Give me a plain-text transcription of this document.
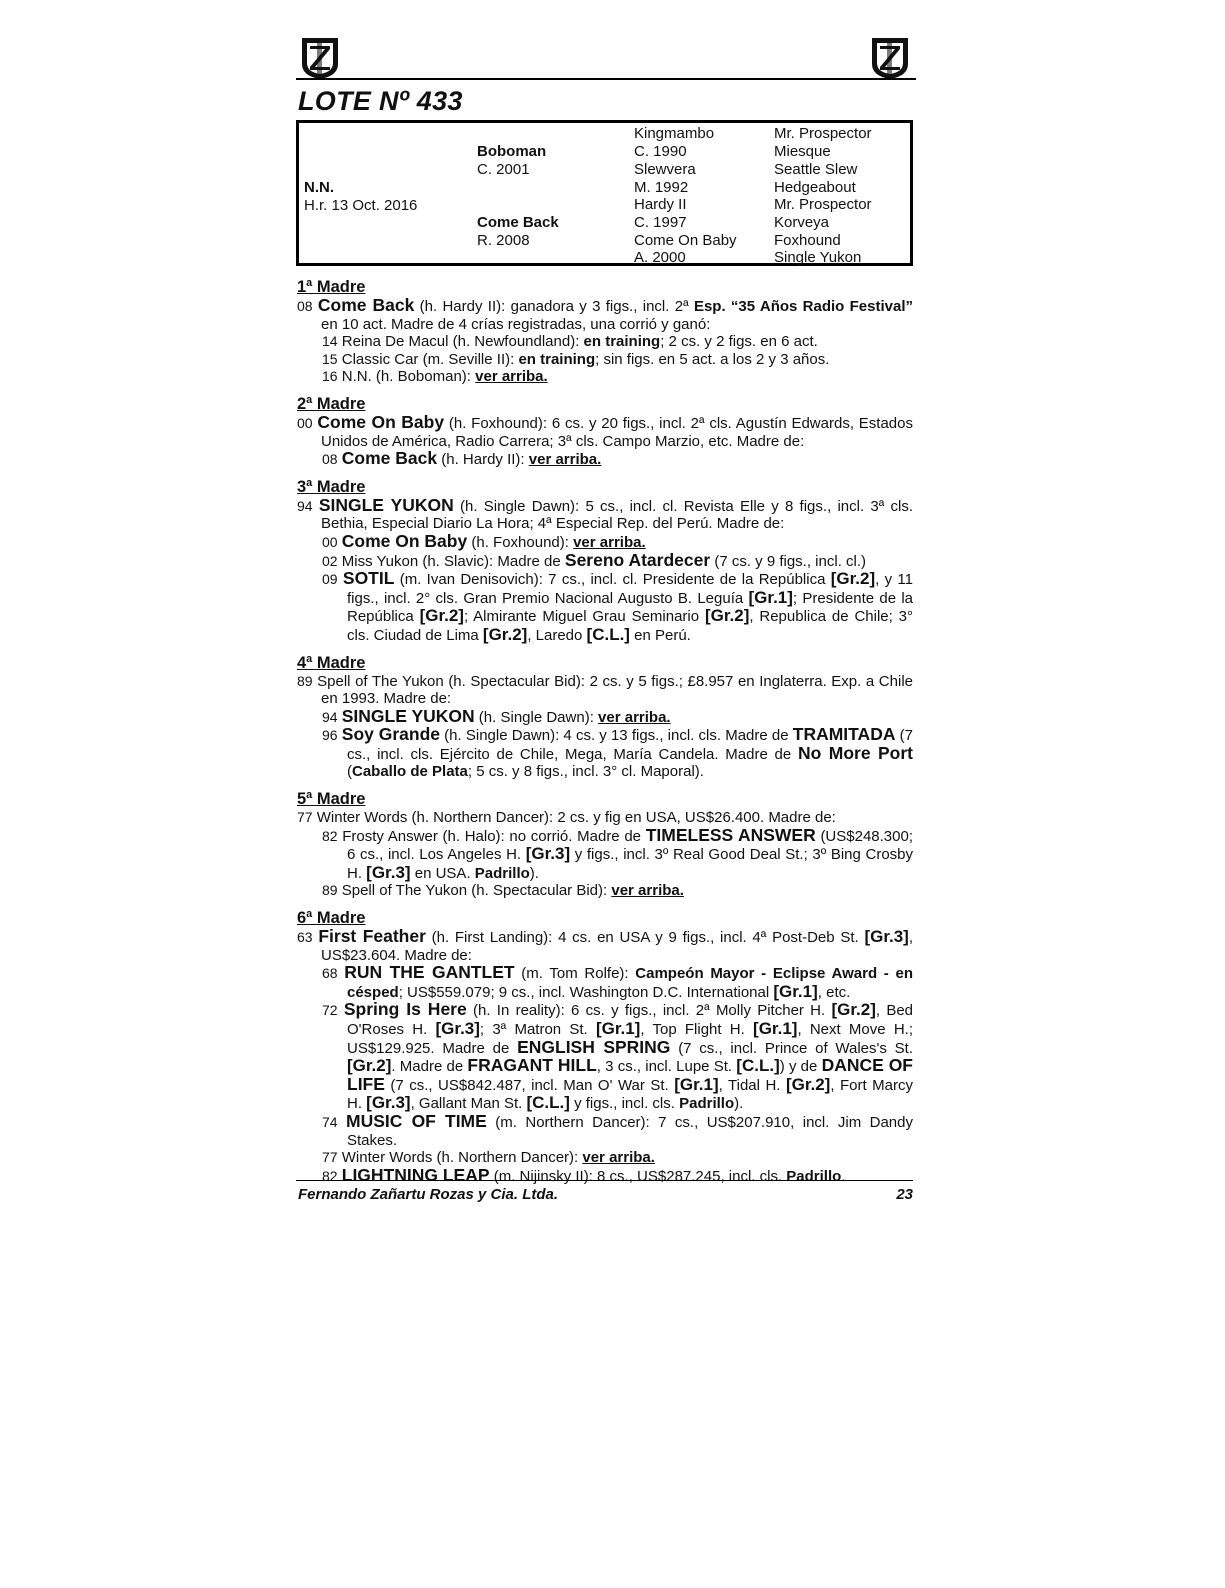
LOTE Nº 433
N.N.
H.r. 13 Oct. 2016
Boboman
C. 2001
Come Back
R. 2008
Kingmambo
C. 1990
Slewvera
M. 1992
Hardy II
C. 1997
Come On Baby
A. 2000
Mr. Prospector
Miesque
Seattle Slew
Hedgeabout
Mr. Prospector
Korveya
Foxhound
Single Yukon
1ª Madre
08 Come Back (h. Hardy II): ganadora y 3 figs., incl. 2ª Esp. “35 Años Radio Festival” en 10 act. Madre de 4 crías registradas, una corrió y ganó:
14 Reina De Macul (h. Newfoundland): en training; 2 cs. y 2 figs. en 6 act.
15 Classic Car (m. Seville II): en training; sin figs. en 5 act. a los 2 y 3 años.
16 N.N. (h. Boboman): ver arriba.
2ª Madre
00 Come On Baby (h. Foxhound): 6 cs. y 20 figs., incl. 2ª cls. Agustín Edwards, Estados Unidos de América, Radio Carrera; 3ª cls. Campo Marzio, etc. Madre de:
08 Come Back (h. Hardy II): ver arriba.
3ª Madre
94 SINGLE YUKON (h. Single Dawn): 5 cs., incl. cl. Revista Elle y 8 figs., incl. 3ª cls. Bethia, Especial Diario La Hora; 4ª Especial Rep. del Perú. Madre de:
00 Come On Baby (h. Foxhound): ver arriba.
02 Miss Yukon (h. Slavic): Madre de Sereno Atardecer (7 cs. y 9 figs., incl. cl.)
09 SOTIL (m. Ivan Denisovich): 7 cs., incl. cl. Presidente de la República [Gr.2], y 11 figs., incl. 2° cls. Gran Premio Nacional Augusto B. Leguía [Gr.1]; Presidente de la República [Gr.2]; Almirante Miguel Grau Seminario [Gr.2], Republica de Chile; 3° cls. Ciudad de Lima [Gr.2], Laredo [C.L.] en Perú.
4ª Madre
89 Spell of The Yukon (h. Spectacular Bid): 2 cs. y 5 figs.; £8.957 en Inglaterra. Exp. a Chile en 1993. Madre de:
94 SINGLE YUKON (h. Single Dawn): ver arriba.
96 Soy Grande (h. Single Dawn): 4 cs. y 13 figs., incl. cls. Madre de TRAMITADA (7 cs., incl. cls. Ejército de Chile, Mega, María Candela. Madre de No More Port (Caballo de Plata; 5 cs. y 8 figs., incl. 3° cl. Maporal).
5ª Madre
77 Winter Words (h. Northern Dancer): 2 cs. y fig en USA, US$26.400. Madre de:
82 Frosty Answer (h. Halo): no corrió. Madre de TIMELESS ANSWER (US$248.300; 6 cs., incl. Los Angeles H. [Gr.3] y figs., incl. 3º Real Good Deal St.; 3º Bing Crosby H. [Gr.3] en USA. Padrillo).
89 Spell of The Yukon (h. Spectacular Bid): ver arriba.
6ª Madre
63 First Feather (h. First Landing): 4 cs. en USA y 9 figs., incl. 4ª Post-Deb St. [Gr.3], US$23.604. Madre de:
68 RUN THE GANTLET (m. Tom Rolfe): Campeón Mayor - Eclipse Award - en césped; US$559.079; 9 cs., incl. Washington D.C. International [Gr.1], etc.
72 Spring Is Here (h. In reality): 6 cs. y figs., incl. 2ª Molly Pitcher H. [Gr.2], Bed O'Roses H. [Gr.3]; 3ª Matron St. [Gr.1], Top Flight H. [Gr.1], Next Move H.; US$129.925. Madre de ENGLISH SPRING (7 cs., incl. Prince of Wales's St. [Gr.2]. Madre de FRAGANT HILL, 3 cs., incl. Lupe St. [C.L.]) y de DANCE OF LIFE (7 cs., US$842.487, incl. Man O' War St. [Gr.1], Tidal H. [Gr.2], Fort Marcy H. [Gr.3], Gallant Man St. [C.L.] y figs., incl. cls. Padrillo).
74 MUSIC OF TIME (m. Northern Dancer): 7 cs., US$207.910, incl. Jim Dandy Stakes.
77 Winter Words (h. Northern Dancer): ver arriba.
82 LIGHTNING LEAP (m. Nijinsky II): 8 cs., US$287.245, incl. cls. Padrillo.
Fernando Zañartu Rozas y Cia. Ltda.	23
